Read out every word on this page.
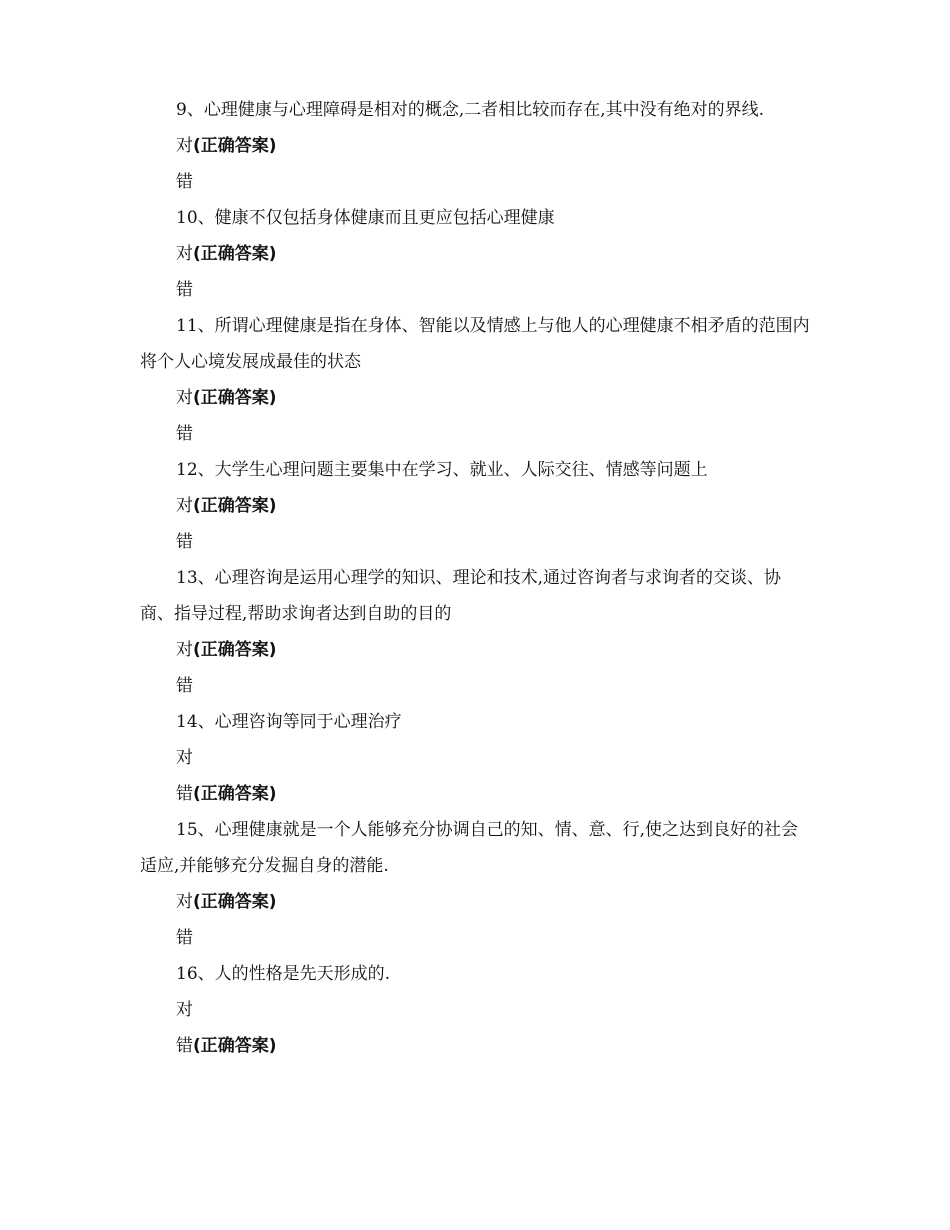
9、心理健康与心理障碍是相对的概念,二者相比较而存在,其中没有绝对的界线.

对(正确答案)

错

10、健康不仅包括身体健康而且更应包括心理健康

对(正确答案)

错

11、所谓心理健康是指在身体、智能以及情感上与他人的心理健康不相矛盾的范围内将个人心境发展成最佳的状态

对(正确答案)

错

12、大学生心理问题主要集中在学习、就业、人际交往、情感等问题上

对(正确答案)

错

13、心理咨询是运用心理学的知识、理论和技术,通过咨询者与求询者的交谈、协商、指导过程,帮助求询者达到自助的目的

对(正确答案)

错

14、心理咨询等同于心理治疗

对

错(正确答案)

15、心理健康就是一个人能够充分协调自己的知、情、意、行,使之达到良好的社会适应,并能够充分发掘自身的潜能.

对(正确答案)

错

16、人的性格是先天形成的.

对

错(正确答案)
